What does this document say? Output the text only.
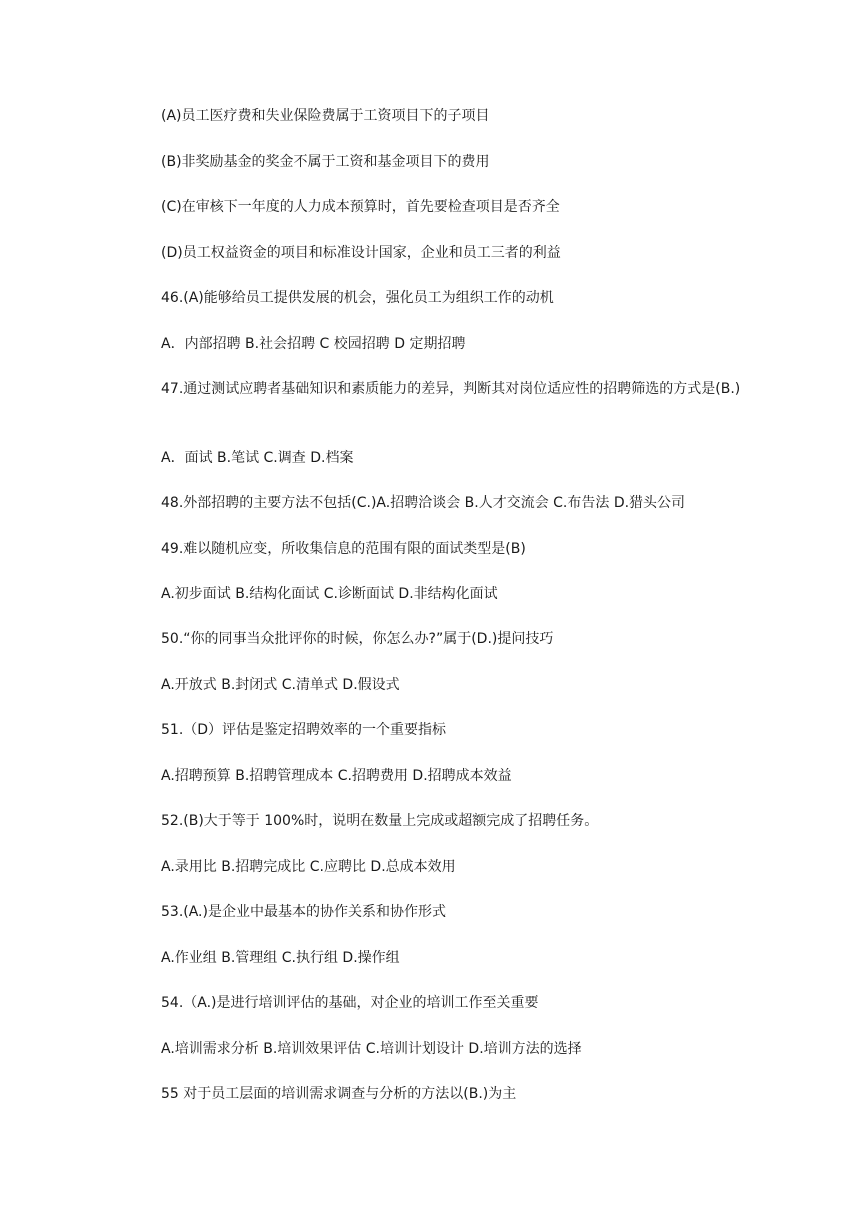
(A)员工医疗费和失业保险费属于工资项目下的子项目
(B)非奖励基金的奖金不属于工资和基金项目下的费用
(C)在审核下一年度的人力成本预算时，首先要检查项目是否齐全
(D)员工权益资金的项目和标准设计国家，企业和员工三者的利益
46.(A)能够给员工提供发展的机会，强化员工为组织工作的动机
A．内部招聘 B.社会招聘 C 校园招聘 D 定期招聘
47.通过测试应聘者基础知识和素质能力的差异，判断其对岗位适应性的招聘筛选的方式是(B.)
A．面试 B.笔试 C.调查 D.档案
48.外部招聘的主要方法不包括(C.)A.招聘洽谈会 B.人才交流会 C.布告法 D.猎头公司
49.难以随机应变，所收集信息的范围有限的面试类型是(B)
A.初步面试 B.结构化面试 C.诊断面试 D.非结构化面试
50.“你的同事当众批评你的时候，你怎么办?”属于(D.)提问技巧
A.开放式 B.封闭式 C.清单式 D.假设式
51.（D）评估是鉴定招聘效率的一个重要指标
A.招聘预算 B.招聘管理成本 C.招聘费用 D.招聘成本效益
52.(B)大于等于 100%时，说明在数量上完成或超额完成了招聘任务。
A.录用比 B.招聘完成比 C.应聘比 D.总成本效用
53.(A.)是企业中最基本的协作关系和协作形式
A.作业组 B.管理组 C.执行组 D.操作组
54.（A.)是进行培训评估的基础，对企业的培训工作至关重要
A.培训需求分析 B.培训效果评估 C.培训计划设计 D.培训方法的选择
55 对于员工层面的培训需求调查与分析的方法以(B.)为主
